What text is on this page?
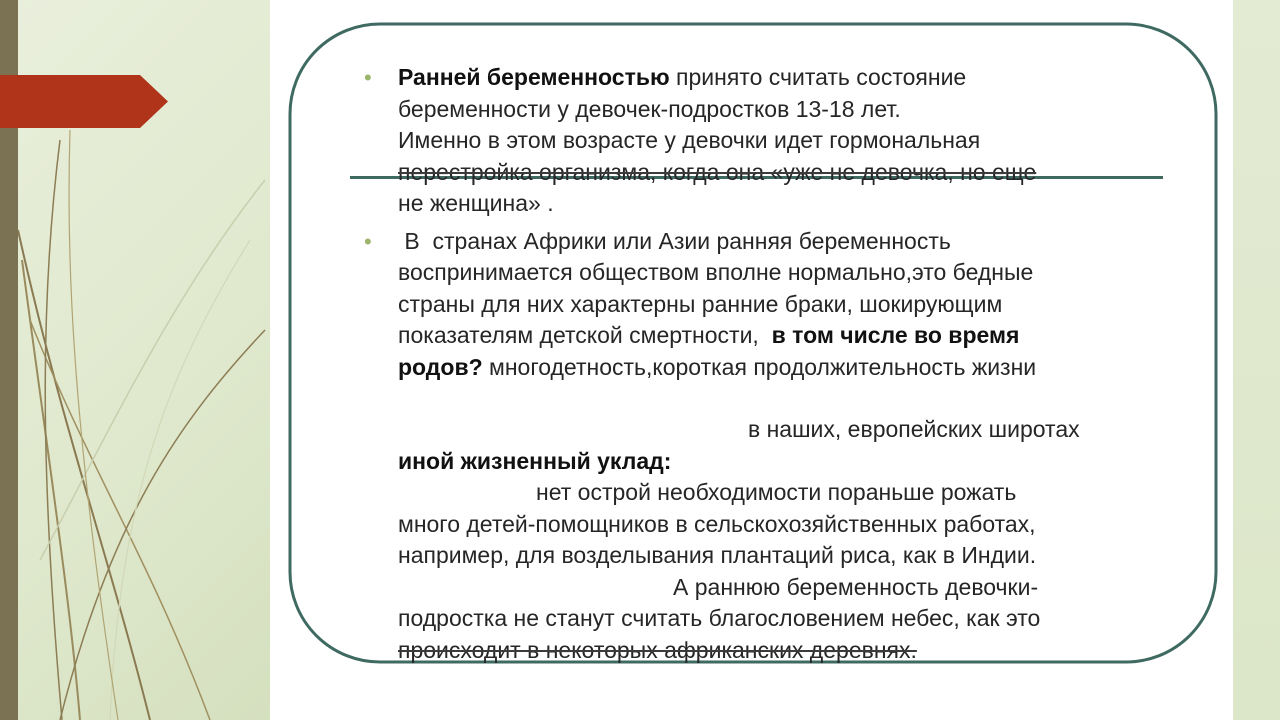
• Ранней беременностью принято считать состояние
беременности у девочек-подростков 13-18 лет.
Именно в этом возрасте у девочки идет гормональная
перестройка организма, когда она «уже не девочка, но еще
не женщина» .
• В  странах Африки или Азии ранняя беременность
воспринимается обществом вполне нормально,это бедные
страны для них характерны ранние браки, шокирующим
показателям детской смертности,  в том числе во время
родов? многодетность,короткая продолжительность жизни
в наших, европейских широтах
иной жизненный уклад:
нет острой необходимости пораньше рожать
много детей-помощников в сельскохозяйственных работах,
например, для возделывания плантаций риса, как в Индии.
А раннюю беременность девочки-
подростка не станут считать благословением небес, как это
происходит в некоторых африканских деревнях.
